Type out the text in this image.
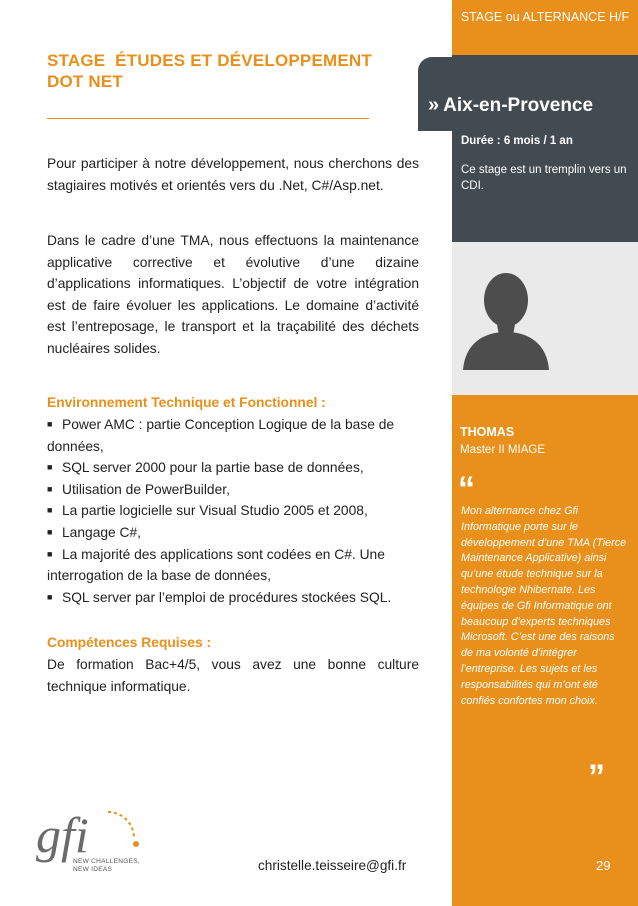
STAGE ou ALTERNANCE H/F
» Aix-en-Provence
Durée : 6 mois / 1 an
Ce stage est un tremplin vers un CDI.
THOMAS
Master II MIAGE
“
Mon alternance chez Gfi Informatique porte sur le développement d’une TMA (Tierce Maintenance Applicative) ainsi qu’une étude technique sur la technologie Nhibernate. Les équipes de Gfi Informatique ont beaucoup d’experts techniques Microsoft. C’est une des raisons de ma volonté d’intégrer l’entreprise. Les sujets et les responsabilités qui m’ont été confiés confortes mon choix.
”
STAGE  ÉTUDES ET DÉVELOPPEMENT
DOT NET
Pour participer à notre développement, nous cherchons des stagiaires motivés et orientés vers du .Net, C#/Asp.net.
Dans le cadre d’une TMA, nous effectuons la maintenance applicative corrective et évolutive d’une dizaine d’applications informatiques. L’objectif de votre intégration est de faire évoluer les applications. Le domaine d’activité est l’entreposage, le transport et la traçabilité des déchets nucléaires solides.
Environnement Technique et Fonctionnel :
■ Power AMC : partie Conception Logique de la base de données,
■ SQL server 2000 pour la partie base de données,
■ Utilisation de PowerBuilder,
■ La partie logicielle sur Visual Studio 2005 et 2008,
■ Langage C#,
■ La majorité des applications sont codées en C#. Une interrogation de la base de données,
■ SQL server par l’emploi de procédures stockées SQL.
Compétences Requises :
De formation Bac+4/5, vous avez une bonne culture technique informatique.
gfi
NEW CHALLENGES,
NEW IDEAS	christelle.teisseire@gfi.fr	29
